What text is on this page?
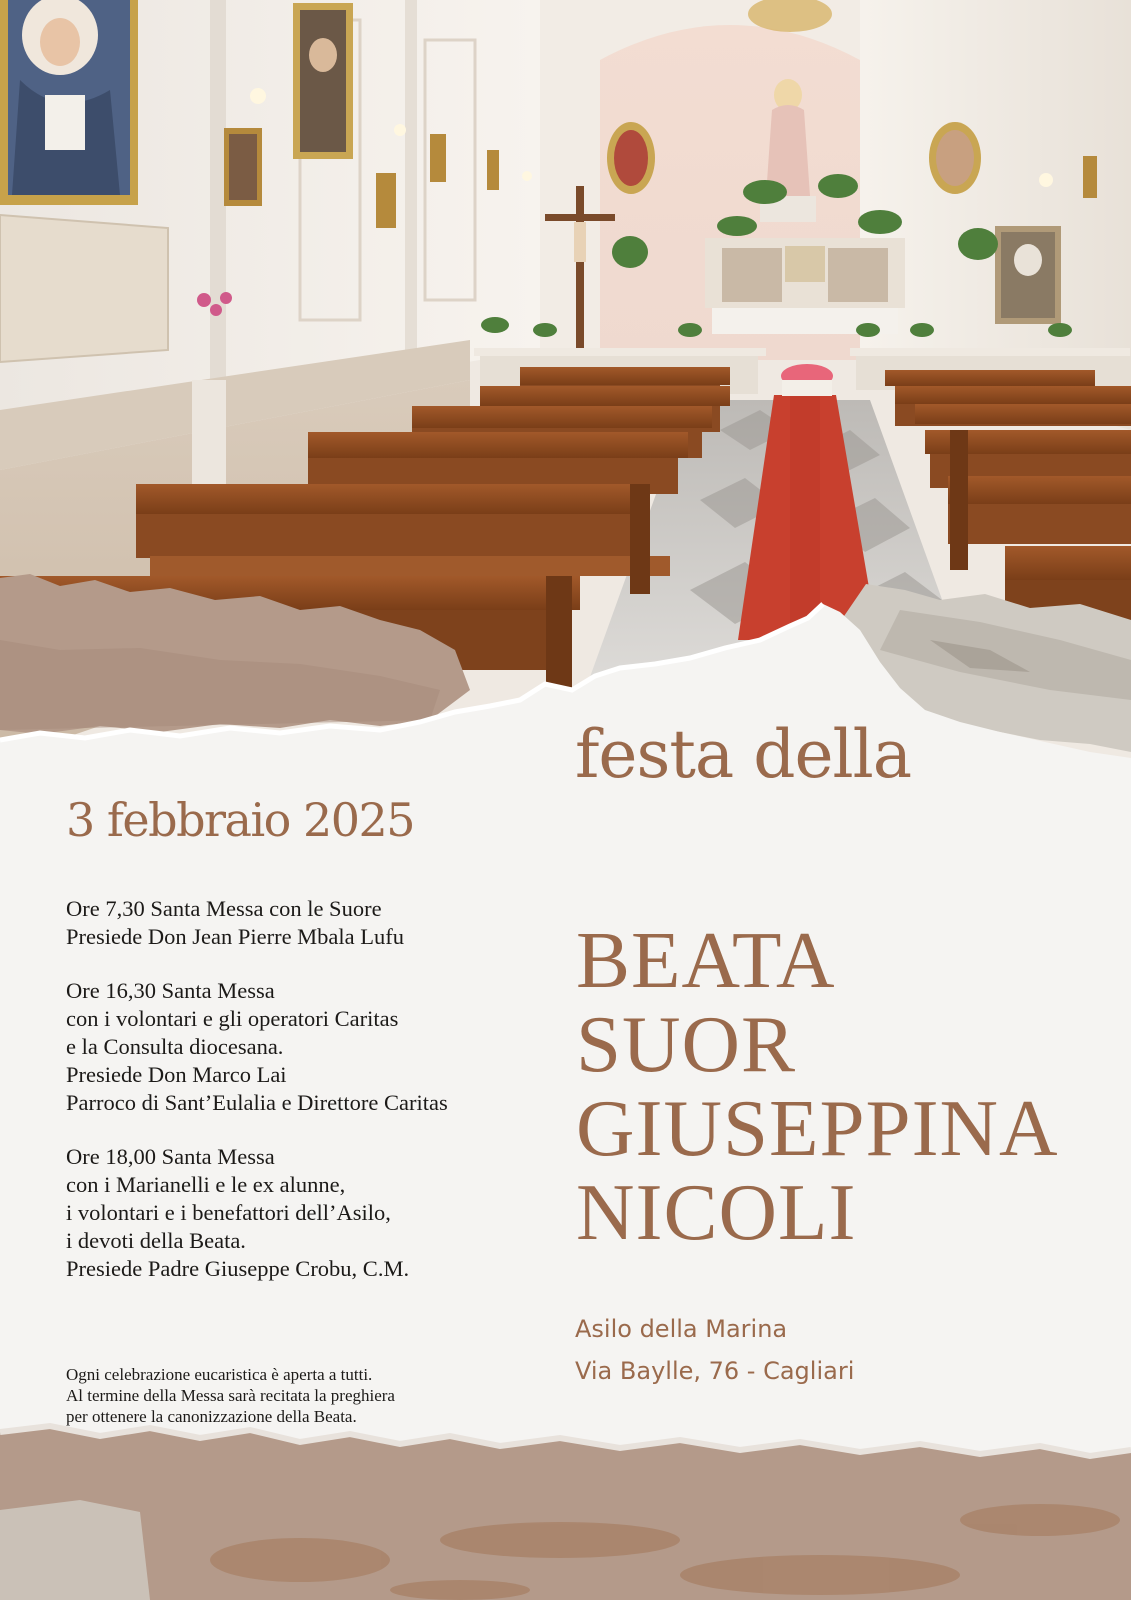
festa della
3 febbraio 2025
BEATA
SUOR
GIUSEPPINA
NICOLI
Ore 7,30 Santa Messa con le Suore
Presiede Don Jean Pierre Mbala Lufu
Ore 16,30 Santa Messa
con i volontari e gli operatori Caritas
e la Consulta diocesana.
Presiede Don Marco Lai
Parroco di Sant’Eulalia e Direttore Caritas
Ore 18,00 Santa Messa
con i Marianelli e le ex alunne,
i volontari e i benefattori dell’Asilo,
i devoti della Beata.
Presiede Padre Giuseppe Crobu, C.M.
Ogni celebrazione eucaristica è aperta a tutti.
Al termine della Messa sarà recitata la preghiera
per ottenere la canonizzazione della Beata.
Asilo della Marina
Via Baylle, 76 - Cagliari
